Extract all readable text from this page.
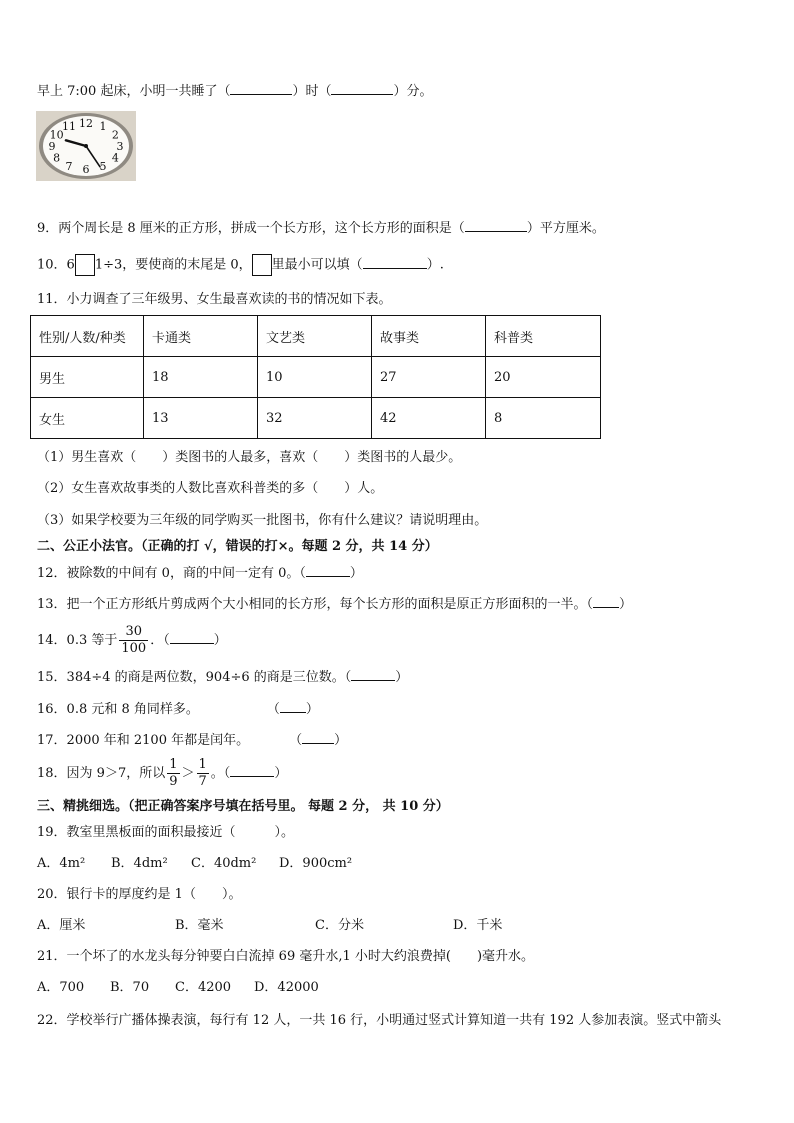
早上 7:00 起床，小明一共睡了（	）时（	）分。
12 1
2
3
4
5
6
7
8
9
10
11
9．两个周长是 8 厘米的正方形，拼成一个长方形，这个长方形的面积是（	）平方厘米。
10．6 1÷3，要使商的末尾是 0， 里最小可以填（	）.
11．小力调查了三年级男、女生最喜欢读的书的情况如下表。
性别/人数/种类	卡通类	文艺类	故事类	科普类
男生	18	10	27	20
女生	13	32	42	8
（1）男生喜欢（　　）类图书的人最多，喜欢（　　）类图书的人最少。
（2）女生喜欢故事类的人数比喜欢科普类的多（　　）人。
（3）如果学校要为三年级的同学购买一批图书，你有什么建议？请说明理由。
二、公正小法官。（正确的打 √，错误的打×。每题 2 分，共 14 分）
12．被除数的中间有 0，商的中间一定有 0。（	）
13．把一个正方形纸片剪成两个大小相同的长方形，每个长方形的面积是原正方形面积的一半。（ ）
14．0.3 等于 $\frac{30}{100}$ ．（	）
15．384÷4 的商是两位数，904÷6 的商是三位数。（	）
16．0.8 元和 8 角同样多。	（ ）
17．2000 年和 2100 年都是闰年。	（ ）
18．因为 9＞7，所以 $\frac{1}{9} > \frac{1}{7}$ 。（	）
三、精挑细选。（把正确答案序号填在括号里。 每题 2 分， 共 10 分）
19．教室里黑板面的面积最接近（　　　）。
A．4m² B．4dm² C．40dm² D．900cm²
20．银行卡的厚度约是 1（　　）。
A．厘米	B．毫米	C．分米	D．千米
21．一个坏了的水龙头每分钟要白白流掉 69 毫升水,1 小时大约浪费掉(　　)毫升水。
A．700 B．70 C．4200 D．42000
22．学校举行广播体操表演，每行有 12 人，一共 16 行，小明通过竖式计算知道一共有 192 人参加表演。竖式中箭头
